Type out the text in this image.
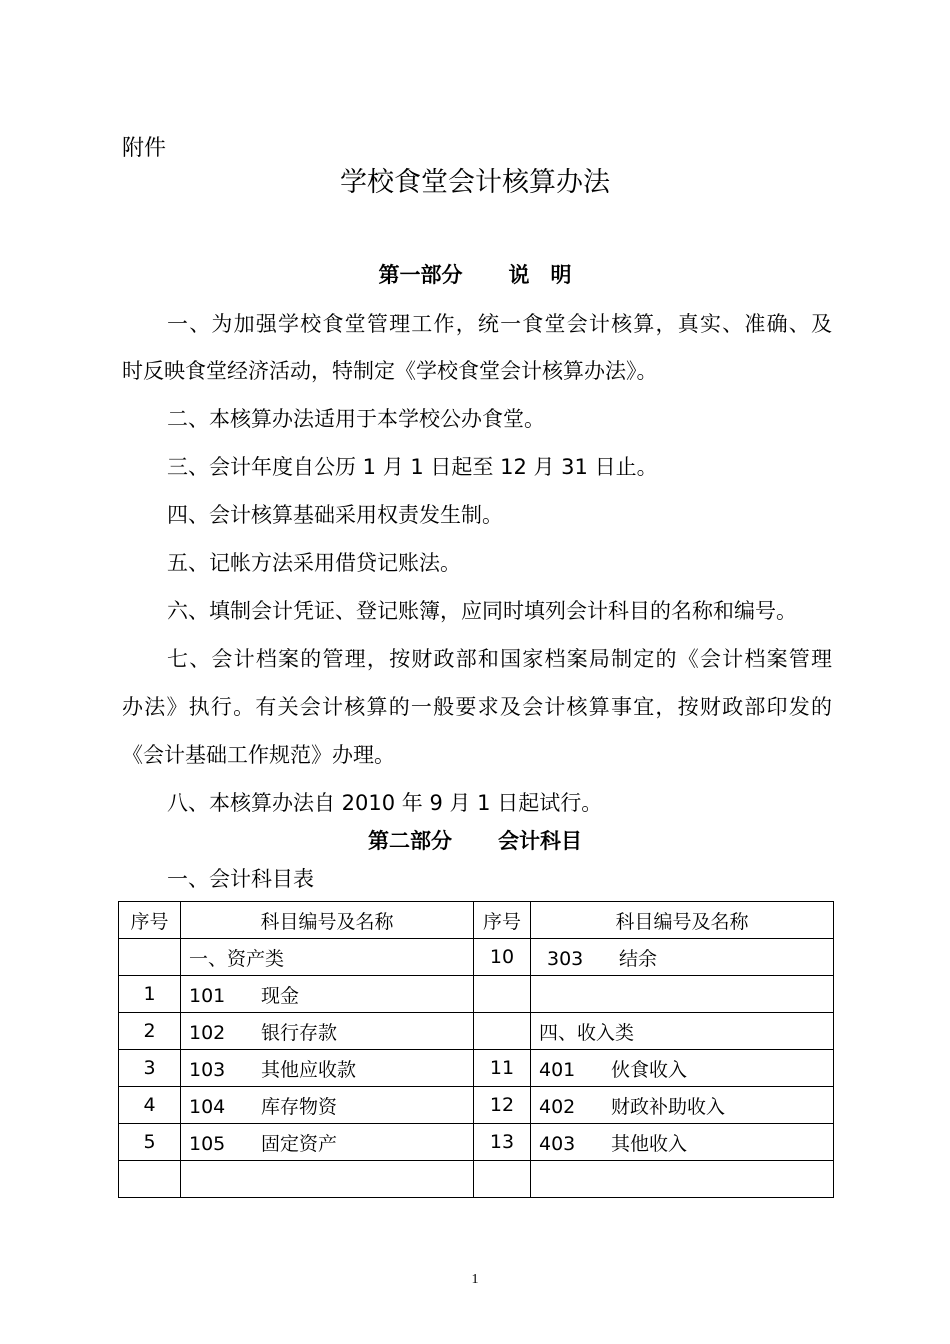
附件
学校食堂会计核算办法
第一部分 说　明
一、为加强学校食堂管理工作，统一食堂会计核算，真实、准确、及
时反映食堂经济活动，特制定《学校食堂会计核算办法》。
二、本核算办法适用于本学校公办食堂。
三、会计年度自公历 1 月 1 日起至 12 月 31 日止。
四、会计核算基础采用权责发生制。
五、记帐方法采用借贷记账法。
六、填制会计凭证、登记账簿，应同时填列会计科目的名称和编号。
七、会计档案的管理，按财政部和国家档案局制定的《会计档案管理
办法》执行。有关会计核算的一般要求及会计核算事宜，按财政部印发的
《会计基础工作规范》办理。
八、本核算办法自 2010 年 9 月 1 日起试行。
第二部分 会计科目
一、会计科目表
序号	科目编号及名称	序号	科目编号及名称
	一、资产类	10	303 结余
1	101 现金		
2	102 银行存款		四、收入类
3	103 其他应收款	11	401 伙食收入
4	104 库存物资	12	402 财政补助收入
5	105 固定资产	13	403 其他收入

1
